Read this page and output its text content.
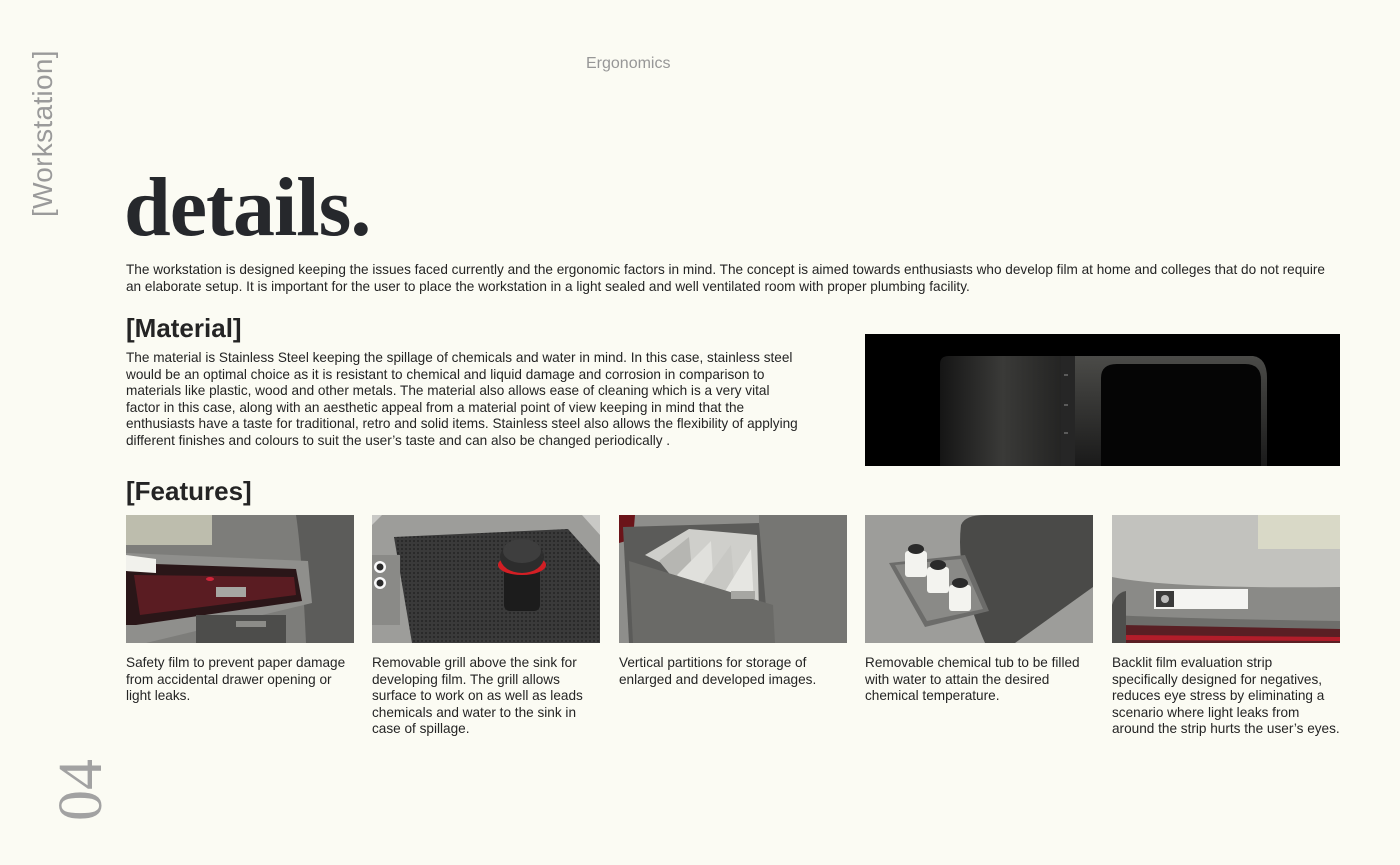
[Workstation]
04
Ergonomics
details.

The workstation is designed keeping the issues faced currently and the ergonomic factors in mind. The concept is aimed towards enthusiasts who develop film at home and colleges that do not require an elaborate setup. It is important for the user to place the workstation in a light sealed and well ventilated room with proper plumbing facility.

[Material]

The material is Stainless Steel keeping the spillage of chemicals and water in mind. In this case, stainless steel would be an optimal choice as it is resistant to chemical and liquid damage and corrosion in comparison to materials like plastic, wood and other metals. The material also allows ease of cleaning which is a very vital factor in this case, along with an aesthetic appeal from a material point of view keeping in mind that the enthusiasts have a taste for traditional, retro and solid items. Stainless steel also allows the flexibility of applying different finishes and colours to suit the user’s taste and can also be changed periodically .

[Features]

Safety film to prevent paper damage from accidental drawer opening or light leaks.

Removable grill above the sink for developing film. The grill allows surface to work on as well as leads chemicals and water to the sink in case of spillage.

Vertical partitions for storage of enlarged and developed images.

Removable chemical tub to be filled with water to attain the desired chemical temperature.

Backlit film evaluation strip specifically designed for negatives, reduces eye stress by eliminating a scenario where light leaks from around the strip hurts the user’s eyes.
